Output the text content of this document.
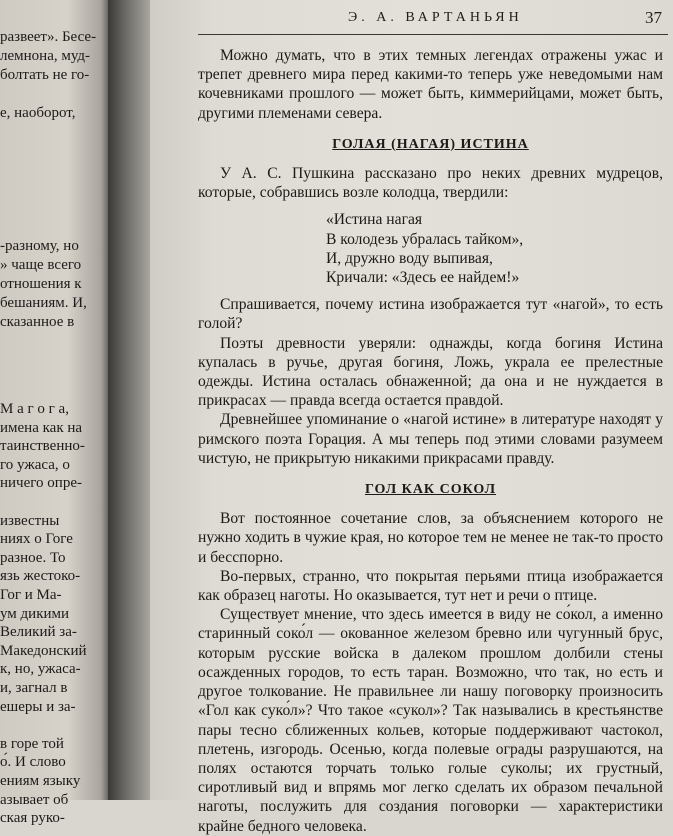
развеет». Бесе-
лемнона, муд-
болтать не го-
е, наоборот,
-разному, но
» чаще всего
отношения к
бешаниям. И,
сказанное в
М а г о г а,
имена как на
таинственно-
го ужаса, о
ничего опре-
известны
ниях о Гоге
разное. То
язь жестоко-
Гог и Ма-
ум дикими
Великий за-
Македонский
к, но, ужаса-
и, загнал в
ешеры и за-
в горе той
о́. И слово
ениям языку
азывает об
ская руко-
Э. А. ВАРТАНЬЯН	37

Можно думать, что в этих темных легендах отражены ужас и трепет древнего мира перед какими-то теперь уже неведомыми нам кочевниками прошлого — может быть, киммерийцами, может быть, другими племенами севера.

ГОЛАЯ (НАГАЯ) ИСТИНА

У А. С. Пушкина рассказано про неких древних мудрецов, которые, собравшись возле колодца, твердили:

«Истина нагая
В колодезь убралась тайком»,
И, дружно воду выпивая,
Кричали: «Здесь ее найдем!»

Спрашивается, почему истина изображается тут «нагой», то есть голой?

Поэты древности уверяли: однажды, когда богиня Истина купалась в ручье, другая богиня, Ложь, украла ее прелестные одежды. Истина осталась обнаженной; да она и не нуждается в прикрасах — правда всегда остается правдой.

Древнейшее упоминание о «нагой истине» в литературе находят у римского поэта Горация. А мы теперь под этими словами разумеем чистую, не прикрытую никакими прикрасами правду.

ГОЛ КАК СОКОЛ

Вот постоянное сочетание слов, за объяснением которого не нужно ходить в чужие края, но которое тем не менее не так-то просто и бесспорно.

Во-первых, странно, что покрытая перьями птица изображается как образец наготы. Но оказывается, тут нет и речи о птице.

Существует мнение, что здесь имеется в виду не со́кол, а именно старинный соко́л — окованное железом бревно или чугунный брус, которым русские войска в далеком прошлом долбили стены осажденных городов, то есть таран. Возможно, что так, но есть и другое толкование. Не правильнее ли нашу поговорку произносить «Гол как суко́л»? Что такое «сукол»? Так назывались в крестьянстве пары тесно сближенных кольев, которые поддерживают частокол, плетень, изгородь. Осенью, когда полевые ограды разрушаются, на полях остаются торчать только голые суколы; их грустный, сиротливый вид и впрямь мог легко сделать их образом печальной наготы, послужить для создания поговорки — характеристики крайне бедного человека.
